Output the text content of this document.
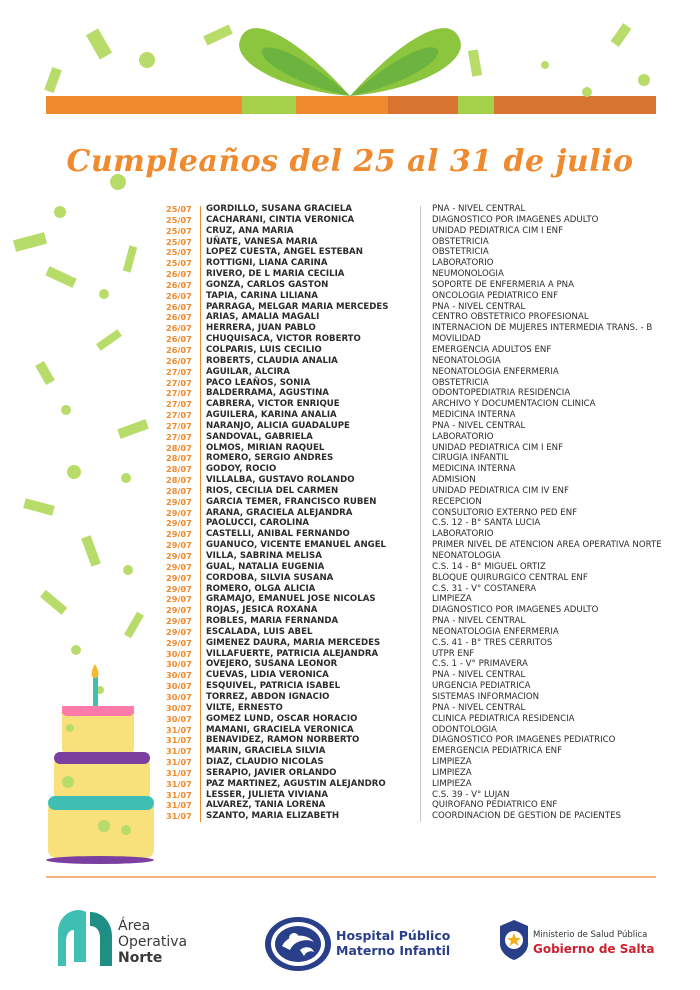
Cumpleaños del 25 al 31 de julio
25/07	GORDILLO, SUSANA GRACIELA	PNA - NIVEL CENTRAL
25/07	CACHARANI, CINTIA VERONICA	DIAGNOSTICO POR IMAGENES ADULTO
25/07	CRUZ, ANA MARIA	UNIDAD PEDIATRICA CIM I ENF
25/07	UÑATE, VANESA MARIA	OBSTETRICIA
25/07	LOPEZ CUESTA, ANGEL ESTEBAN	OBSTETRICIA
25/07	ROTTIGNI, LIANA CARINA	LABORATORIO
26/07	RIVERO, DE L MARIA CECILIA	NEUMONOLOGIA
26/07	GONZA, CARLOS GASTON	SOPORTE DE ENFERMERIA A PNA
26/07	TAPIA, CARINA LILIANA	ONCOLOGIA PEDIATRICO ENF
26/07	PARRAGA, MELGAR MARIA MERCEDES	PNA - NIVEL CENTRAL
26/07	ARIAS, AMALIA MAGALI	CENTRO OBSTETRICO PROFESIONAL
26/07	HERRERA, JUAN PABLO	INTERNACION DE MUJERES INTERMEDIA TRANS. - B
26/07	CHUQUISACA, VICTOR ROBERTO	MOVILIDAD
26/07	COLPARIS, LUIS CECILIO	EMERGENCIA ADULTOS ENF
26/07	ROBERTS, CLAUDIA ANALIA	NEONATOLOGIA
27/07	AGUILAR, ALCIRA	NEONATOLOGIA ENFERMERIA
27/07	PACO LEAÑOS, SONIA	OBSTETRICIA
27/07	BALDERRAMA, AGUSTINA	ODONTOPEDIATRIA RESIDENCIA
27/07	CABRERA, VICTOR ENRIQUE	ARCHIVO Y DOCUMENTACION CLINICA
27/07	AGUILERA, KARINA ANALIA	MEDICINA INTERNA
27/07	NARANJO, ALICIA GUADALUPE	PNA - NIVEL CENTRAL
27/07	SANDOVAL, GABRIELA	LABORATORIO
28/07	OLMOS, MIRIAN RAQUEL	UNIDAD PEDIATRICA CIM I ENF
28/07	ROMERO, SERGIO ANDRES	CIRUGIA INFANTIL
28/07	GODOY, ROCIO	MEDICINA INTERNA
28/07	VILLALBA, GUSTAVO ROLANDO	ADMISION
28/07	RIOS, CECILIA DEL CARMEN	UNIDAD PEDIATRICA CIM IV ENF
29/07	GARCIA TEMER, FRANCISCO RUBEN	RECEPCION
29/07	ARANA, GRACIELA ALEJANDRA	CONSULTORIO EXTERNO PED ENF
29/07	PAOLUCCI, CAROLINA	C.S. 12 - B° SANTA LUCIA
29/07	CASTELLI, ANIBAL FERNANDO	LABORATORIO
29/07	GUANUCO, VICENTE EMANUEL ANGEL	PRIMER NIVEL DE ATENCION AREA OPERATIVA NORTE
29/07	VILLA, SABRINA MELISA	NEONATOLOGIA
29/07	GUAL, NATALIA EUGENIA	C.S. 14 - B° MIGUEL ORTIZ
29/07	CORDOBA, SILVIA SUSANA	BLOQUE QUIRURGICO CENTRAL ENF
29/07	ROMERO, OLGA ALICIA	C.S. 31 - V° COSTANERA
29/07	GRAMAJO, EMANUEL JOSE NICOLAS	LIMPIEZA
29/07	ROJAS, JESICA ROXANA	DIAGNOSTICO POR IMAGENES ADULTO
29/07	ROBLES, MARIA FERNANDA	PNA - NIVEL CENTRAL
29/07	ESCALADA, LUIS ABEL	NEONATOLOGIA ENFERMERIA
29/07	GIMENEZ DAURA, MARIA MERCEDES	C.S. 41 - B° TRES CERRITOS
30/07	VILLAFUERTE, PATRICIA ALEJANDRA	UTPR ENF
30/07	OVEJERO, SUSANA LEONOR	C.S. 1 - V° PRIMAVERA
30/07	CUEVAS, LIDIA VERONICA	PNA - NIVEL CENTRAL
30/07	ESQUIVEL, PATRICIA ISABEL	URGENCIA PEDIATRICA
30/07	TORREZ, ABDON IGNACIO	SISTEMAS INFORMACION
30/07	VILTE, ERNESTO	PNA - NIVEL CENTRAL
30/07	GOMEZ LUND, OSCAR HORACIO	CLINICA PEDIATRICA RESIDENCIA
31/07	MAMANI, GRACIELA VERONICA	ODONTOLOGIA
31/07	BENAVIDEZ, RAMON NORBERTO	DIAGNOSTICO POR IMAGENES PEDIATRICO
31/07	MARIN, GRACIELA SILVIA	EMERGENCIA PEDIATRICA ENF
31/07	DIAZ, CLAUDIO NICOLAS	LIMPIEZA
31/07	SERAPIO, JAVIER ORLANDO	LIMPIEZA
31/07	PAZ MARTINEZ, AGUSTIN ALEJANDRO	LIMPIEZA
31/07	LESSER, JULIETA VIVIANA	C.S. 39 - V° LUJAN
31/07	ALVAREZ, TANIA LORENA	QUIROFANO PEDIATRICO ENF
31/07	SZANTO, MARIA ELIZABETH	COORDINACION DE GESTION DE PACIENTES
Área
Operativa
Norte
Hospital Público
Materno Infantil
Ministerio de Salud Pública
Gobierno de Salta
